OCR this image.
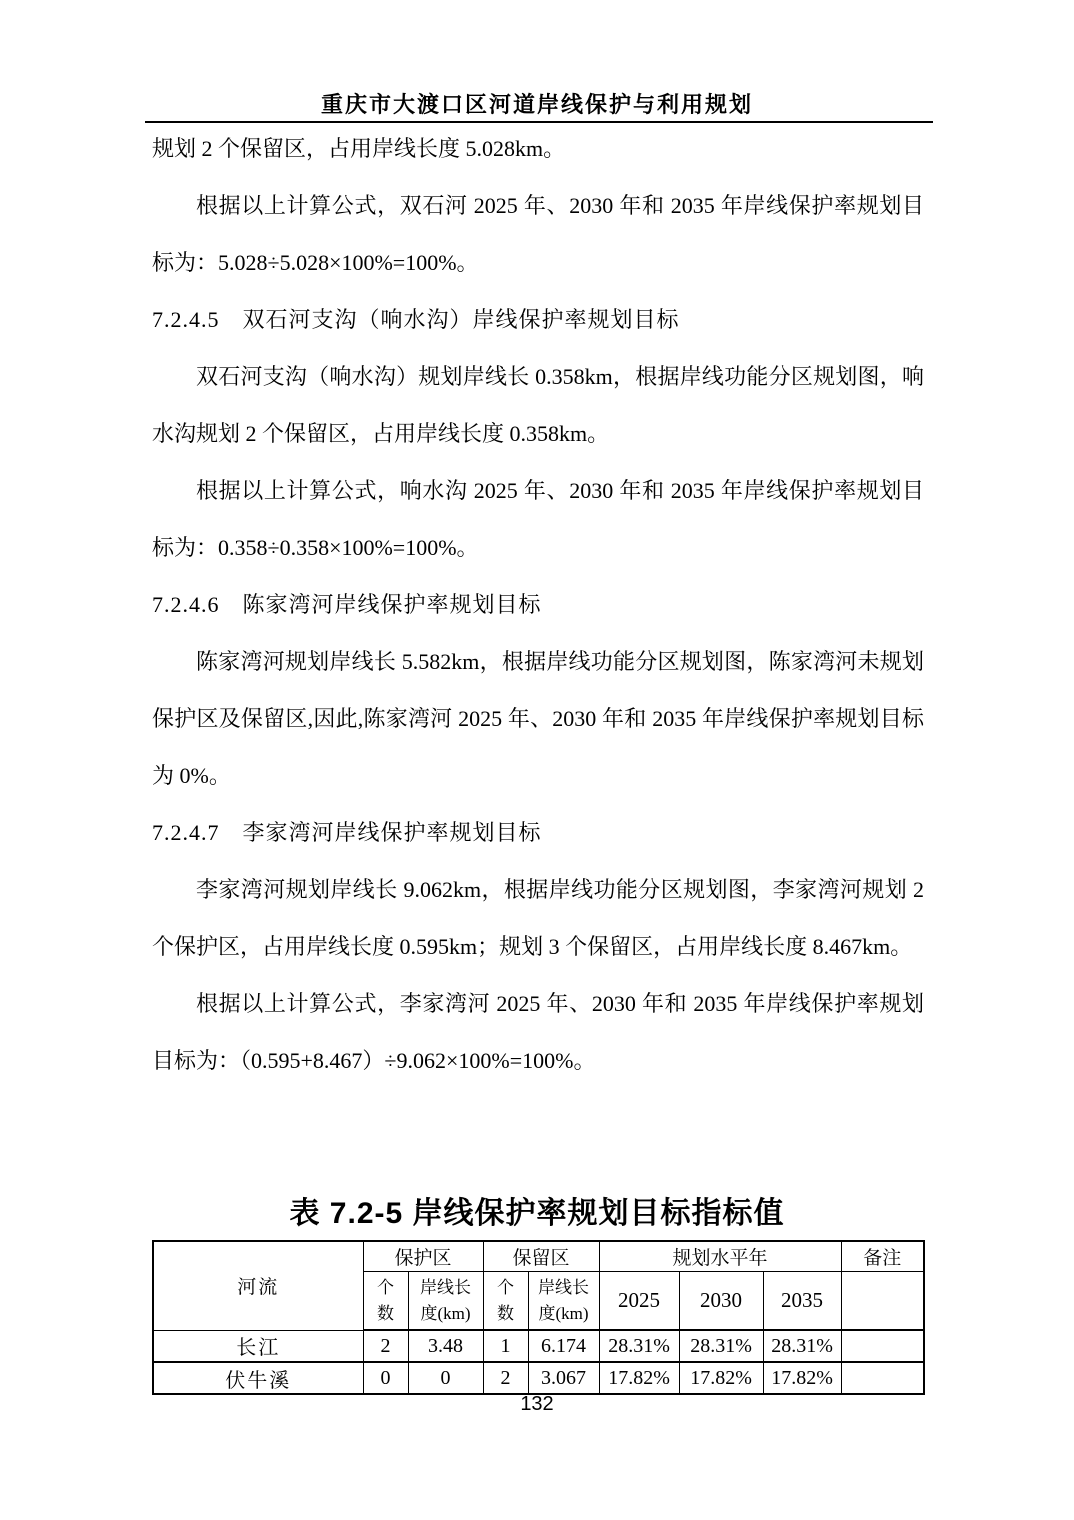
重庆市大渡口区河道岸线保护与利用规划

规划 2 个保留区，占用岸线长度 5.028km。

根据以上计算公式，双石河 2025 年、2030 年和 2035 年岸线保护率规划目标为：5.028÷5.028×100%=100%。

7.2.4.5　双石河支沟（响水沟）岸线保护率规划目标

双石河支沟（响水沟）规划岸线长 0.358km，根据岸线功能分区规划图，响水沟规划 2 个保留区，占用岸线长度 0.358km。

根据以上计算公式，响水沟 2025 年、2030 年和 2035 年岸线保护率规划目标为：0.358÷0.358×100%=100%。

7.2.4.6　陈家湾河岸线保护率规划目标

陈家湾河规划岸线长 5.582km，根据岸线功能分区规划图，陈家湾河未规划保护区及保留区,因此,陈家湾河 2025 年、2030 年和 2035 年岸线保护率规划目标为 0%。

7.2.4.7　李家湾河岸线保护率规划目标

李家湾河规划岸线长 9.062km，根据岸线功能分区规划图，李家湾河规划 2 个保护区，占用岸线长度 0.595km；规划 3 个保留区，占用岸线长度 8.467km。

根据以上计算公式，李家湾河 2025 年、2030 年和 2035 年岸线保护率规划目标为：（0.595+8.467）÷9.062×100%=100%。

表 7.2-5 岸线保护率规划目标指标值
河流	保护区		保留区		规划水平年			备注
	个数	岸线长度(km)	个数	岸线长度(km)	2025	2030	2035	
长江	2	3.48	1	6.174	28.31%	28.31%	28.31%	
伏牛溪	0	0	2	3.067	17.82%	17.82%	17.82%	
132
